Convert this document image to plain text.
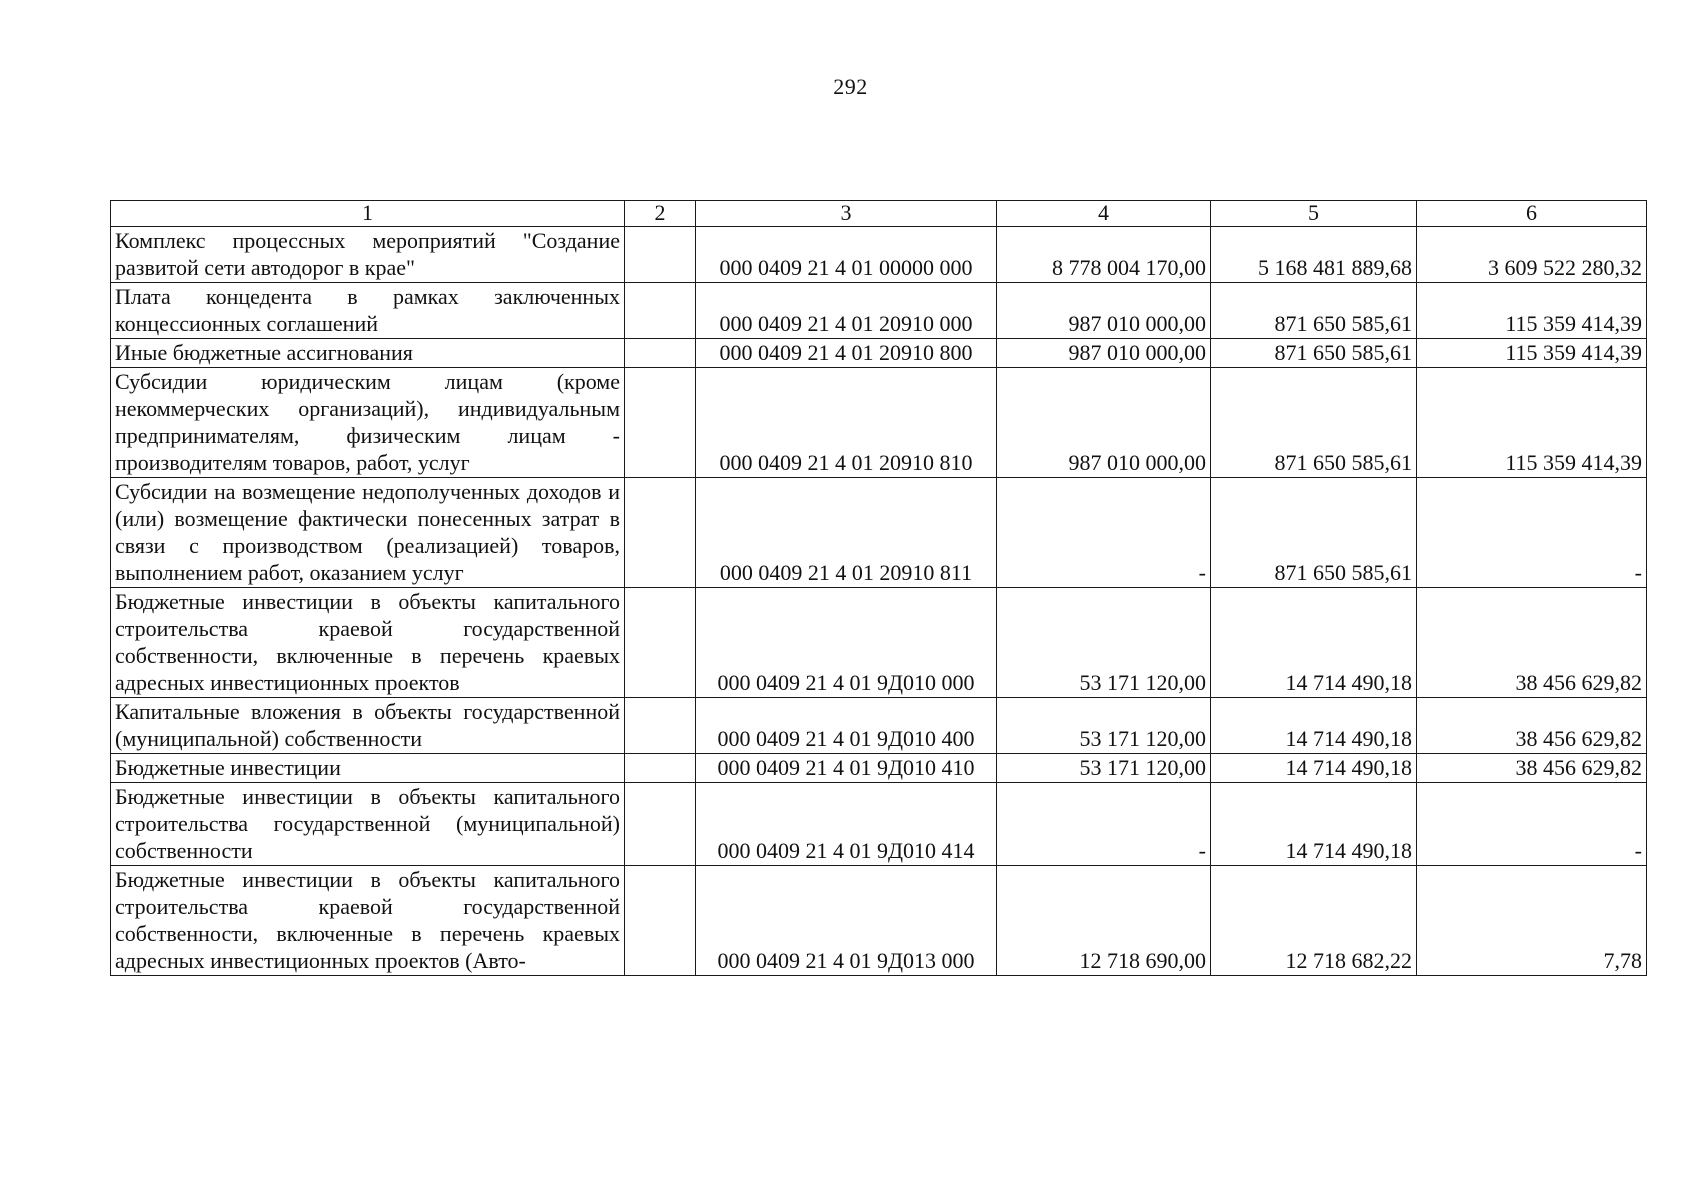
292
1	2	3	4	5	6
Комплекс процессных мероприятий "Создание развитой сети автодорог в крае"		000 0409 21 4 01 00000 000	8 778 004 170,00	5 168 481 889,68	3 609 522 280,32
Плата концедента в рамках заключенных концессионных соглашений		000 0409 21 4 01 20910 000	987 010 000,00	871 650 585,61	115 359 414,39
Иные бюджетные ассигнования		000 0409 21 4 01 20910 800	987 010 000,00	871 650 585,61	115 359 414,39
Субсидии юридическим лицам (кроме некоммерческих организаций), индивидуальным предпринимателям, физическим лицам - производителям товаров, работ, услуг		000 0409 21 4 01 20910 810	987 010 000,00	871 650 585,61	115 359 414,39
Субсидии на возмещение недополученных доходов и (или) возмещение фактически понесенных затрат в связи с производством (реализацией) товаров, выполнением работ, оказанием услуг		000 0409 21 4 01 20910 811	-	871 650 585,61	-
Бюджетные инвестиции в объекты капитального строительства краевой государственной собственности, включенные в перечень краевых адресных инвестиционных проектов		000 0409 21 4 01 9Д010 000	53 171 120,00	14 714 490,18	38 456 629,82
Капитальные вложения в объекты государственной (муниципальной) собственности		000 0409 21 4 01 9Д010 400	53 171 120,00	14 714 490,18	38 456 629,82
Бюджетные инвестиции		000 0409 21 4 01 9Д010 410	53 171 120,00	14 714 490,18	38 456 629,82
Бюджетные инвестиции в объекты капитального строительства государственной (муниципальной) собственности		000 0409 21 4 01 9Д010 414	-	14 714 490,18	-
Бюджетные инвестиции в объекты капитального строительства краевой государственной собственности, включенные в перечень краевых адресных инвестиционных проектов (Авто-		000 0409 21 4 01 9Д013 000	12 718 690,00	12 718 682,22	7,78
